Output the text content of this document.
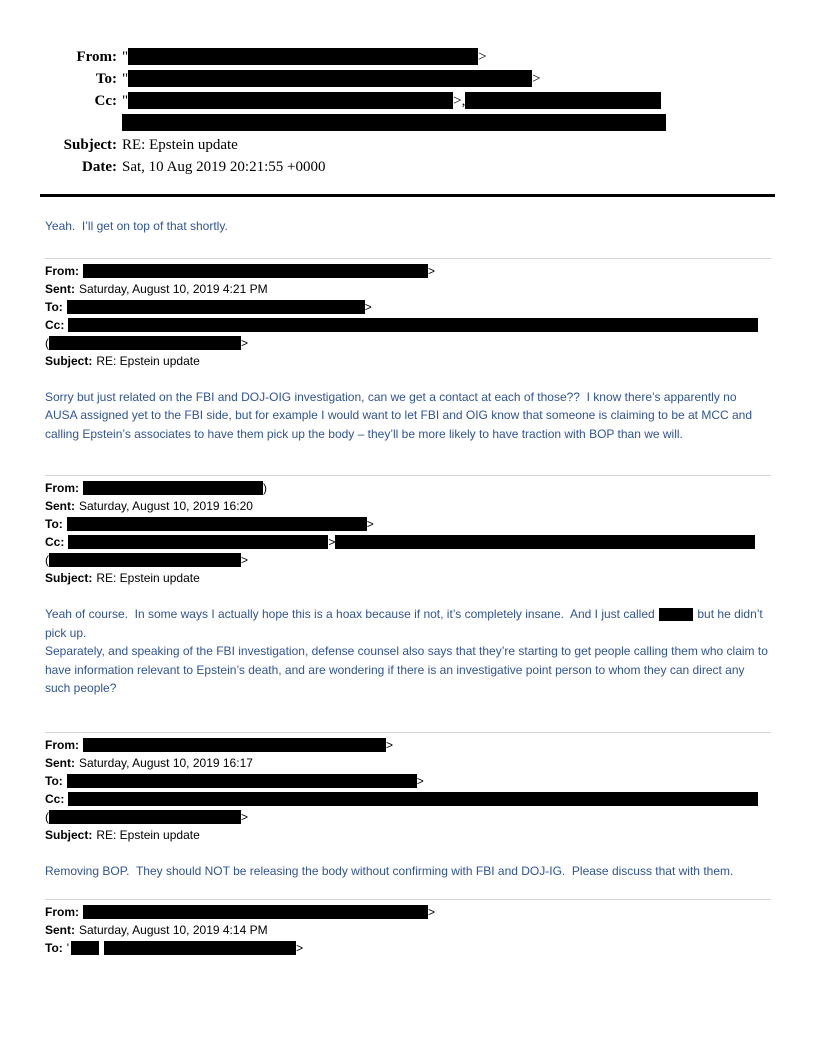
From: "	>
To: "	>
Cc: "	>,
Subject: RE: Epstein update
Date: Sat, 10 Aug 2019 20:21:55 +0000
Yeah.  I’ll get on top of that shortly.
From:	>
Sent: Saturday, August 10, 2019 4:21 PM
To:	>
Cc:
(	>
Subject: RE: Epstein update
Sorry but just related on the FBI and DOJ-OIG investigation, can we get a contact at each of those??  I know there’s apparently no AUSA assigned yet to the FBI side, but for example I would want to let FBI and OIG know that someone is claiming to be at MCC and calling Epstein’s associates to have them pick up the body – they’ll be more likely to have traction with BOP than we will.
From:	)
Sent: Saturday, August 10, 2019 16:20
To:	>
Cc:	>
(	>
Subject: RE: Epstein update

Yeah of course.  In some ways I actually hope this is a hoax because if not, it’s completely insane.  And I just called	but he didn’t pick up.

Separately, and speaking of the FBI investigation, defense counsel also says that they’re starting to get people calling them who claim to have information relevant to Epstein’s death, and are wondering if there is an investigative point person to whom they can direct any such people?

From:	>
Sent: Saturday, August 10, 2019 16:17
To:	>
Cc:
(	>
Subject: RE: Epstein update
Removing BOP.  They should NOT be releasing the body without confirming with FBI and DOJ-IG.  Please discuss that with them.
From:	>
Sent: Saturday, August 10, 2019 4:14 PM
To: '	>
